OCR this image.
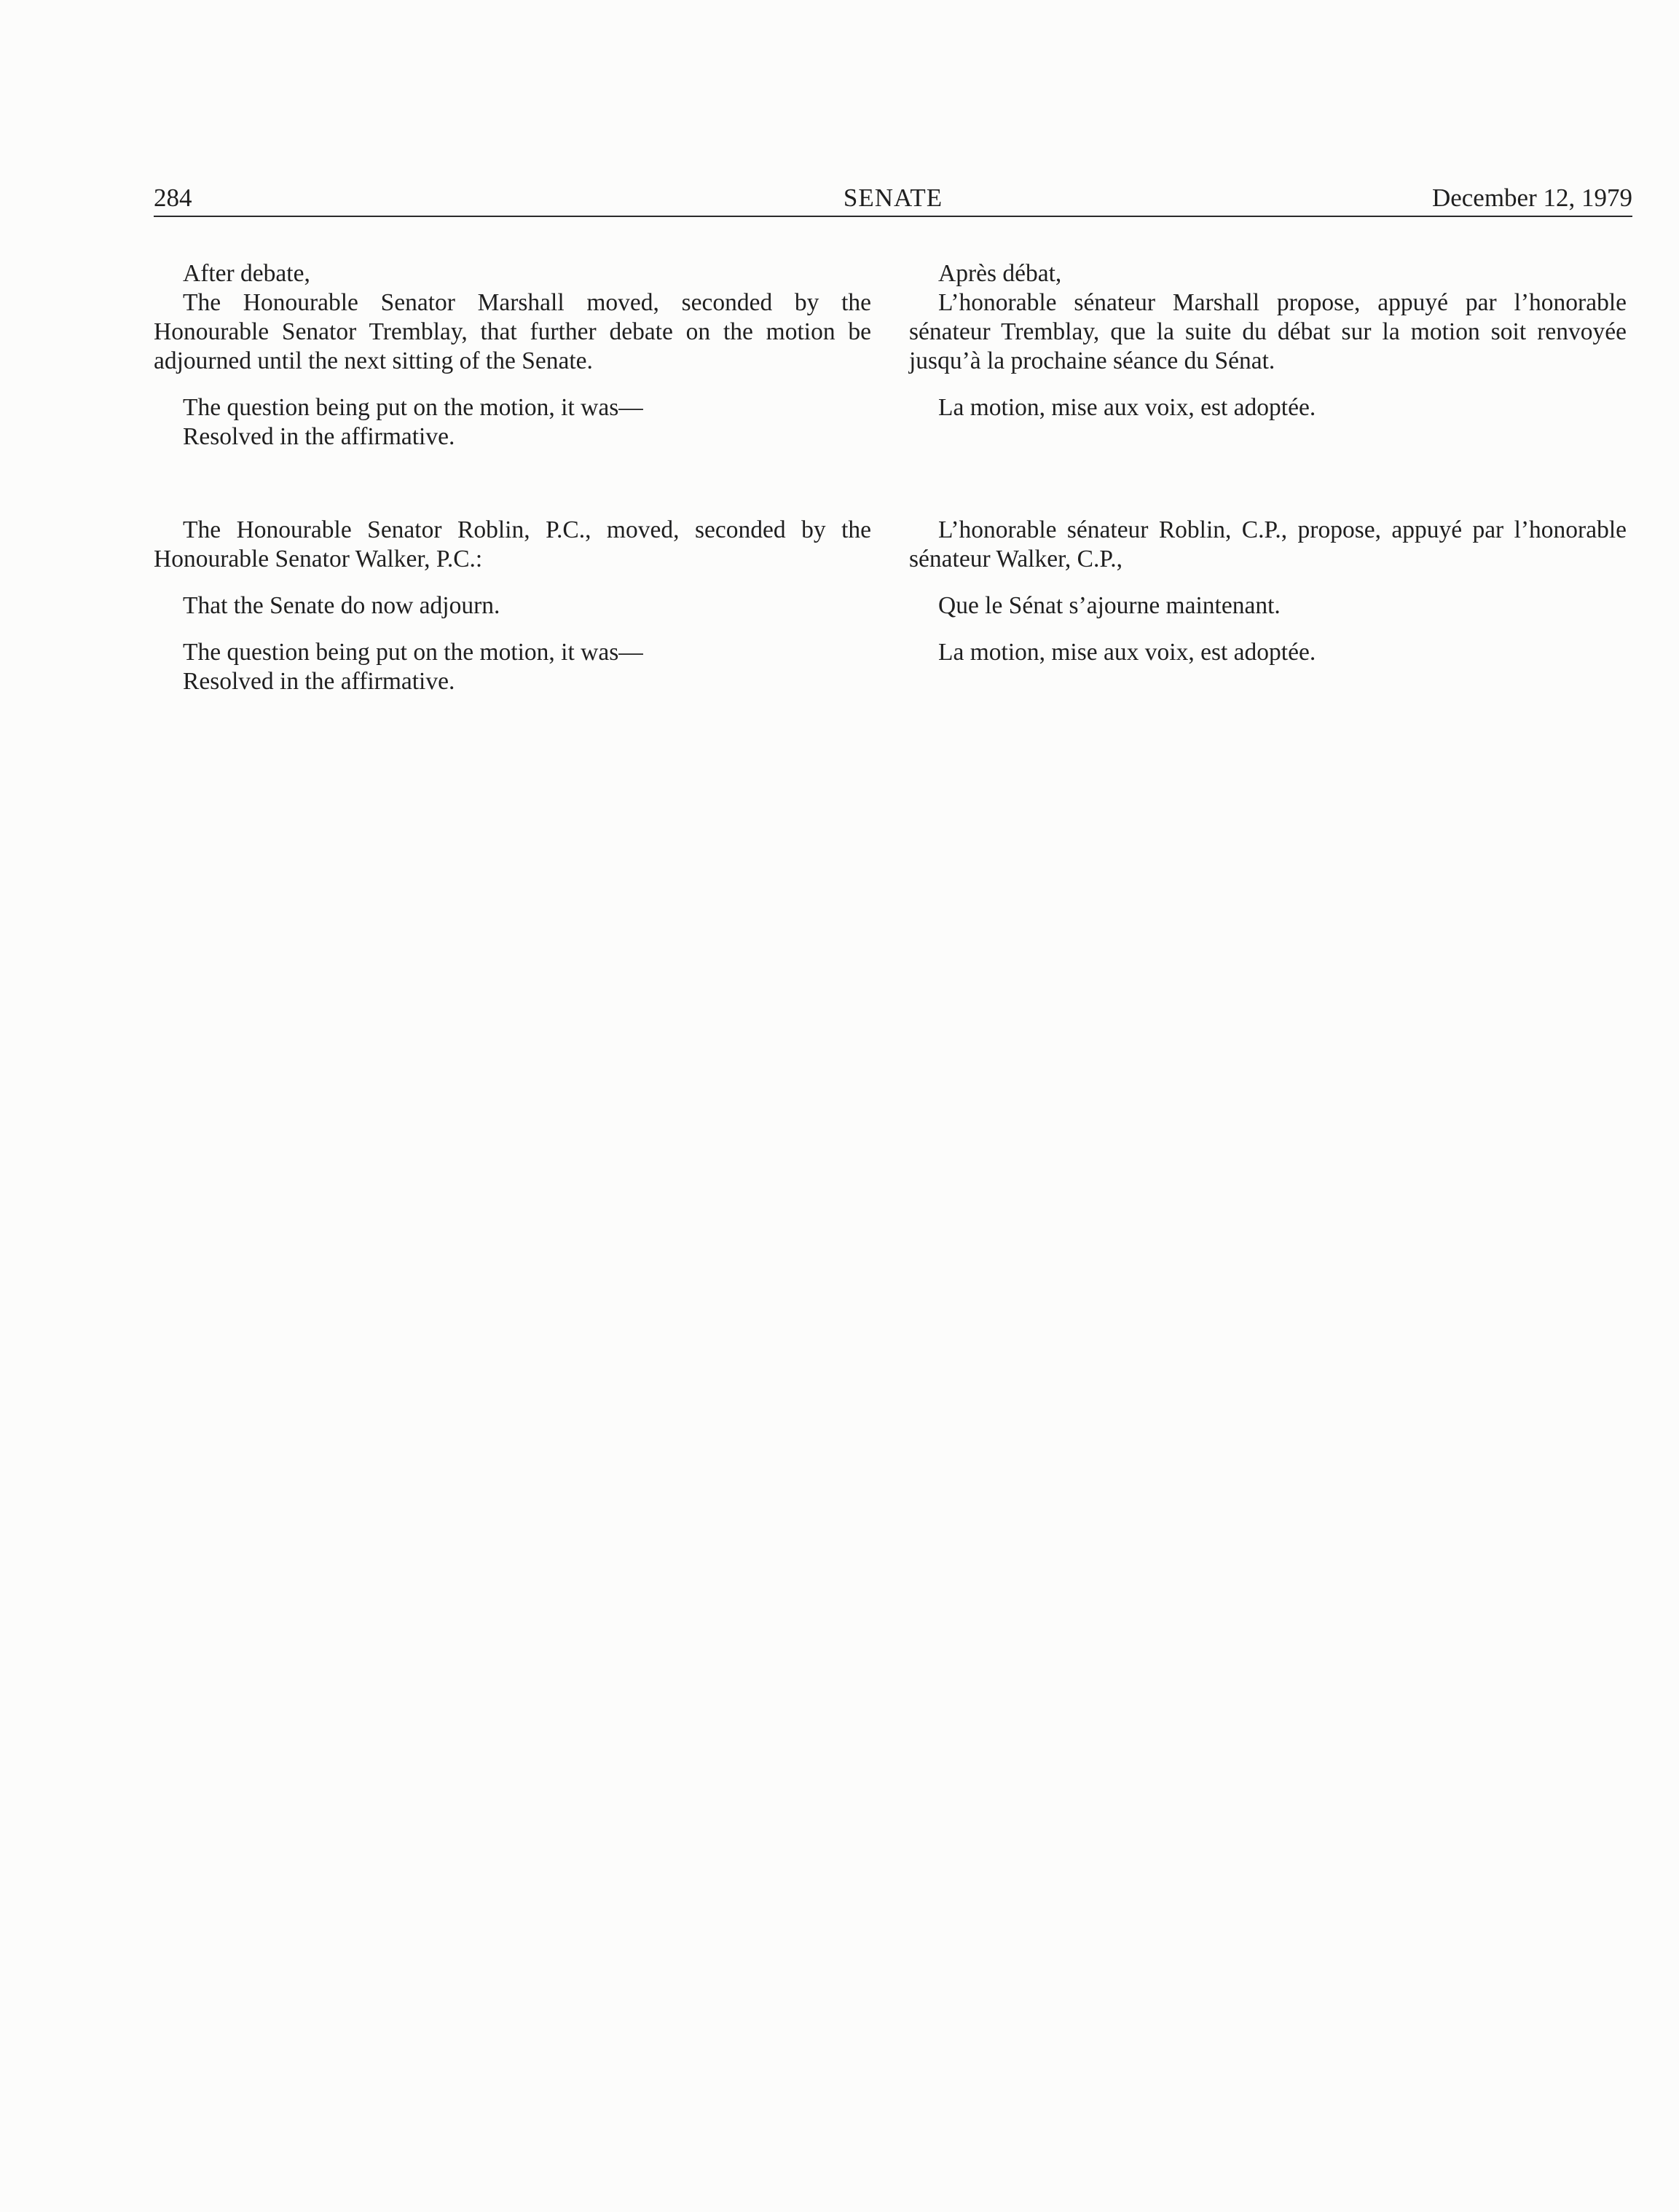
284	SENATE	December 12, 1979

After debate,

The Honourable Senator Marshall moved, seconded by the Honourable Senator Tremblay, that further debate on the motion be adjourned until the next sitting of the Senate.

The question being put on the motion, it was—

Resolved in the affirmative.

The Honourable Senator Roblin, P.C., moved, seconded by the Honourable Senator Walker, P.C.:

That the Senate do now adjourn.

The question being put on the motion, it was—

Resolved in the affirmative.

Après débat,

L’honorable sénateur Marshall propose, appuyé par l’honorable sénateur Tremblay, que la suite du débat sur la motion soit renvoyée jusqu’à la prochaine séance du Sénat.

La motion, mise aux voix, est adoptée.

L’honorable sénateur Roblin, C.P., propose, appuyé par l’honorable sénateur Walker, C.P.,

Que le Sénat s’ajourne maintenant.

La motion, mise aux voix, est adoptée.
